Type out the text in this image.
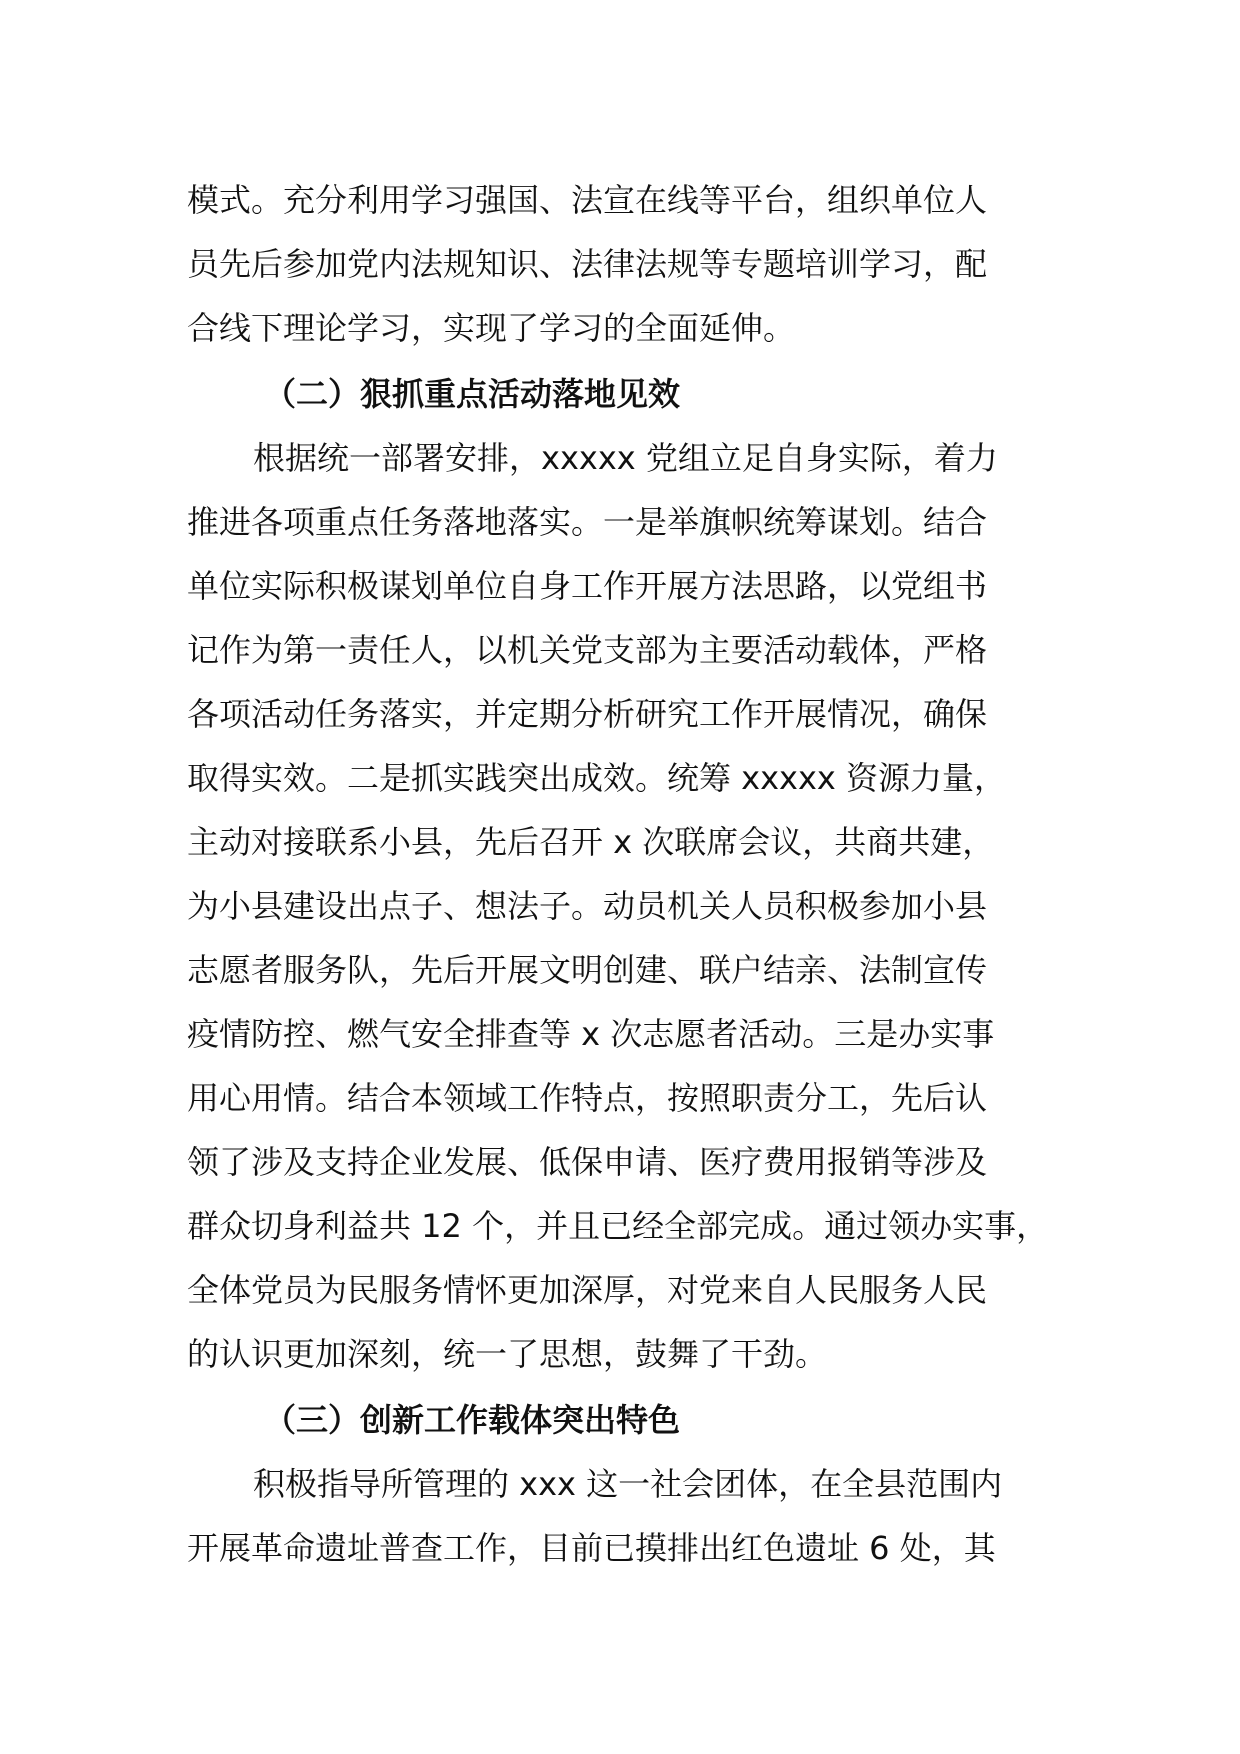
模式。充分利用学习强国、法宣在线等平台，组织单位人
员先后参加党内法规知识、法律法规等专题培训学习，配
合线下理论学习，实现了学习的全面延伸。
（二）狠抓重点活动落地见效
根据统一部署安排，xxxxx 党组立足自身实际，着力
推进各项重点任务落地落实。一是举旗帜统筹谋划。结合
单位实际积极谋划单位自身工作开展方法思路，以党组书
记作为第一责任人，以机关党支部为主要活动载体，严格
各项活动任务落实，并定期分析研究工作开展情况，确保
取得实效。二是抓实践突出成效。统筹 xxxxx 资源力量，
主动对接联系小县，先后召开 x 次联席会议，共商共建，
为小县建设出点子、想法子。动员机关人员积极参加小县
志愿者服务队，先后开展文明创建、联户结亲、法制宣传
疫情防控、燃气安全排查等 x 次志愿者活动。三是办实事
用心用情。结合本领域工作特点，按照职责分工，先后认
领了涉及支持企业发展、低保申请、医疗费用报销等涉及
群众切身利益共 12 个，并且已经全部完成。通过领办实事，
全体党员为民服务情怀更加深厚，对党来自人民服务人民
的认识更加深刻，统一了思想，鼓舞了干劲。
（三）创新工作载体突出特色
积极指导所管理的 xxx 这一社会团体，在全县范围内
开展革命遗址普查工作，目前已摸排出红色遗址 6 处，其
